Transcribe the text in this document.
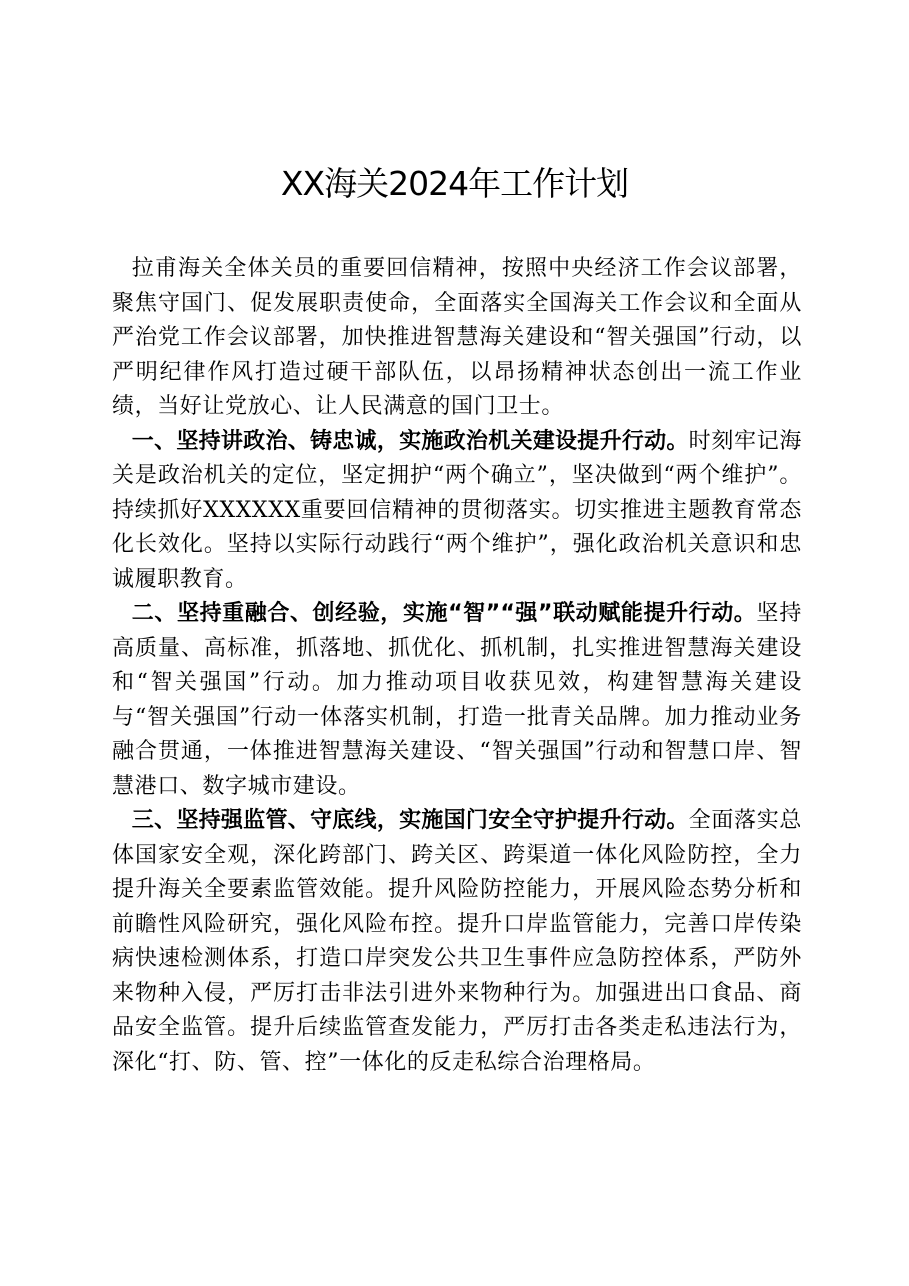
XX海关2024年工作计划

拉甫海关全体关员的重要回信精神，按照中央经济工作会议部署，聚焦守国门、促发展职责使命，全面落实全国海关工作会议和全面从严治党工作会议部署，加快推进智慧海关建设和“智关强国”行动，以严明纪律作风打造过硬干部队伍，以昂扬精神状态创出一流工作业绩，当好让党放心、让人民满意的国门卫士。

一、坚持讲政治、铸忠诚，实施政治机关建设提升行动。时刻牢记海关是政治机关的定位，坚定拥护“两个确立”，坚决做到“两个维护”。持续抓好XXXXXX重要回信精神的贯彻落实。切实推进主题教育常态化长效化。坚持以实际行动践行“两个维护”，强化政治机关意识和忠诚履职教育。

二、坚持重融合、创经验，实施“智”“强”联动赋能提升行动。坚持高质量、高标准，抓落地、抓优化、抓机制，扎实推进智慧海关建设和“智关强国”行动。加力推动项目收获见效，构建智慧海关建设与“智关强国”行动一体落实机制，打造一批青关品牌。加力推动业务融合贯通，一体推进智慧海关建设、“智关强国”行动和智慧口岸、智慧港口、数字城市建设。

三、坚持强监管、守底线，实施国门安全守护提升行动。全面落实总体国家安全观，深化跨部门、跨关区、跨渠道一体化风险防控，全力提升海关全要素监管效能。提升风险防控能力，开展风险态势分析和前瞻性风险研究，强化风险布控。提升口岸监管能力，完善口岸传染病快速检测体系，打造口岸突发公共卫生事件应急防控体系，严防外来物种入侵，严厉打击非法引进外来物种行为。加强进出口食品、商品安全监管。提升后续监管查发能力，严厉打击各类走私违法行为，深化“打、防、管、控”一体化的反走私综合治理格局。
